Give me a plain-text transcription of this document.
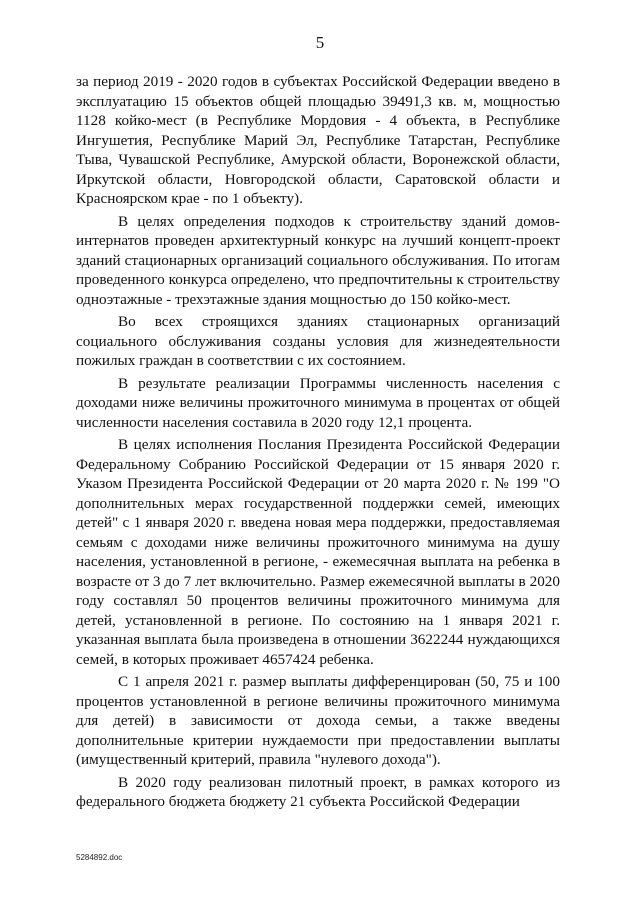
5

за период 2019 - 2020 годов в субъектах Российской Федерации введено в эксплуатацию 15 объектов общей площадью 39491,3 кв. м, мощностью 1128 койко-мест (в Республике Мордовия - 4 объекта, в Республике Ингушетия, Республике Марий Эл, Республике Татарстан, Республике Тыва, Чувашской Республике, Амурской области, Воронежской области, Иркутской области, Новгородской области, Саратовской области и Красноярском крае - по 1 объекту).

В целях определения подходов к строительству зданий домов-интернатов проведен архитектурный конкурс на лучший концепт-проект зданий стационарных организаций социального обслуживания. По итогам проведенного конкурса определено, что предпочтительны к строительству одноэтажные - трехэтажные здания мощностью до 150 койко-мест.

Во всех строящихся зданиях стационарных организаций социального обслуживания созданы условия для жизнедеятельности пожилых граждан в соответствии с их состоянием.

В результате реализации Программы численность населения с доходами ниже величины прожиточного минимума в процентах от общей численности населения составила в 2020 году 12,1 процента.

В целях исполнения Послания Президента Российской Федерации Федеральному Собранию Российской Федерации от 15 января 2020 г. Указом Президента Российской Федерации от 20 марта 2020 г. № 199 "О дополнительных мерах государственной поддержки семей, имеющих детей" с 1 января 2020 г. введена новая мера поддержки, предоставляемая семьям с доходами ниже величины прожиточного минимума на душу населения, установленной в регионе, - ежемесячная выплата на ребенка в возрасте от 3 до 7 лет включительно. Размер ежемесячной выплаты в 2020 году составлял 50 процентов величины прожиточного минимума для детей, установленной в регионе. По состоянию на 1 января 2021 г. указанная выплата была произведена в отношении 3622244 нуждающихся семей, в которых проживает 4657424 ребенка.

С 1 апреля 2021 г. размер выплаты дифференцирован (50, 75 и 100 процентов установленной в регионе величины прожиточного минимума для детей) в зависимости от дохода семьи, а также введены дополнительные критерии нуждаемости при предоставлении выплаты (имущественный критерий, правила "нулевого дохода").

В 2020 году реализован пилотный проект, в рамках которого из федерального бюджета бюджету 21 субъекта Российской Федерации

5284892.doc
